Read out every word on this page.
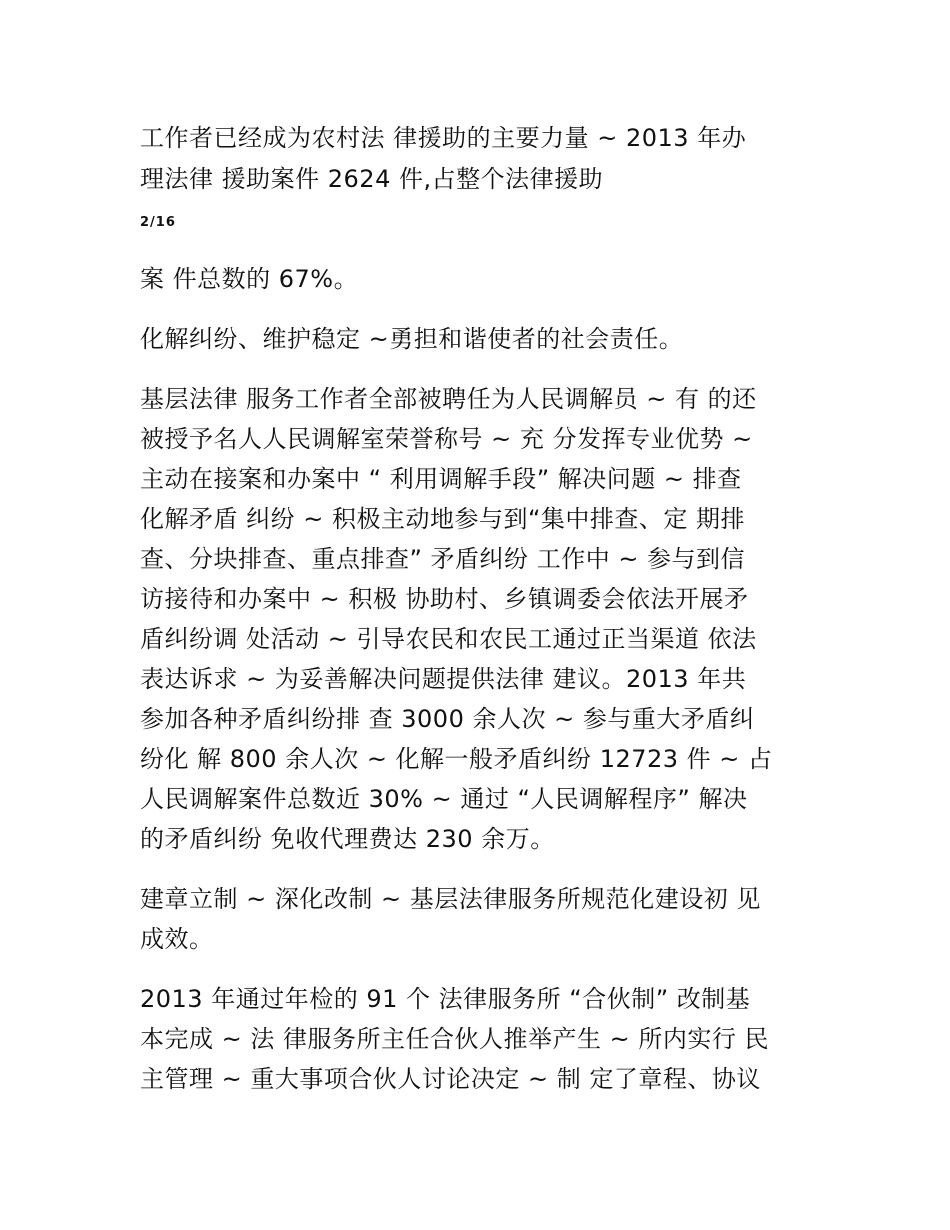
工作者已经成为农村法 律援助的主要力量 ~ 2013 年办
理法律 援助案件 2624 件,占整个法律援助
2/16
案 件总数的 67%。
化解纠纷、维护稳定 ~勇担和谐使者的社会责任。
基层法律 服务工作者全部被聘任为人民调解员 ~ 有 的还
被授予名人人民调解室荣誉称号 ~ 充 分发挥专业优势 ~
主动在接案和办案中 “ 利用调解手段” 解决问题 ~ 排查
化解矛盾 纠纷 ~ 积极主动地参与到“集中排查、定 期排
查、分块排查、重点排查” 矛盾纠纷 工作中 ~ 参与到信
访接待和办案中 ~ 积极 协助村、乡镇调委会依法开展矛
盾纠纷调 处活动 ~ 引导农民和农民工通过正当渠道 依法
表达诉求 ~ 为妥善解决问题提供法律 建议。2013 年共
参加各种矛盾纠纷排 查 3000 余人次 ~ 参与重大矛盾纠
纷化 解 800 余人次 ~ 化解一般矛盾纠纷 12723 件 ~ 占
人民调解案件总数近 30% ~ 通过 “人民调解程序” 解决
的矛盾纠纷 免收代理费达 230 余万。
建章立制 ~ 深化改制 ~ 基层法律服务所规范化建设初 见
成效。
2013 年通过年检的 91 个 法律服务所 “合伙制” 改制基
本完成 ~ 法 律服务所主任合伙人推举产生 ~ 所内实行 民
主管理 ~ 重大事项合伙人讨论决定 ~ 制 定了章程、协议
